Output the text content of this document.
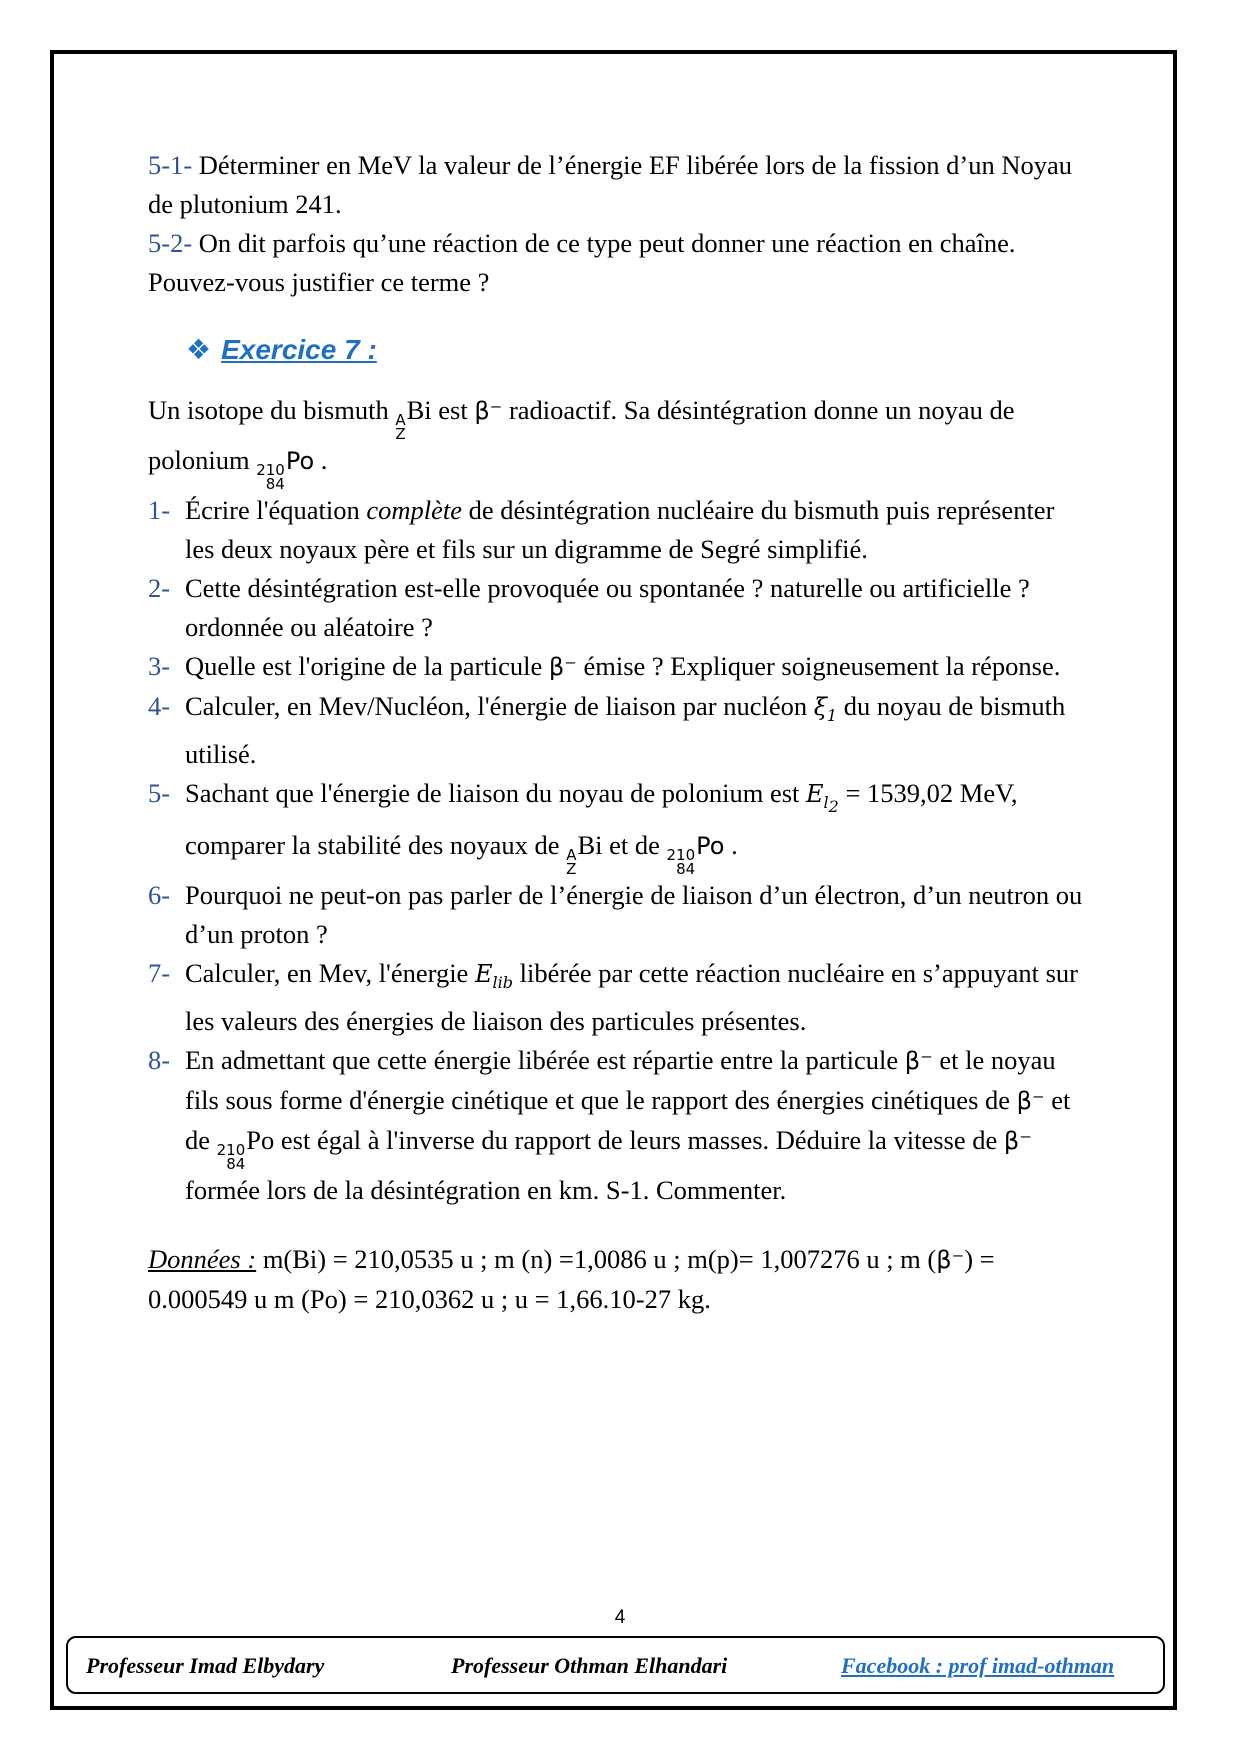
5-1- Déterminer en MeV la valeur de l’énergie EF libérée lors de la fission d’un Noyau de plutonium 241.

5-2- On dit parfois qu’une réaction de ce type peut donner une réaction en chaîne. Pouvez-vous justifier ce terme ?

❖ Exercice 7 :

Un isotope du bismuth A
Z
Bi est β⁻ radioactif. Sa désintégration donne un noyau de polonium 210
84
Po .

1- Écrire l'équation complète de désintégration nucléaire du bismuth puis représenter les deux noyaux père et fils sur un digramme de Segré simplifié.
2- Cette désintégration est-elle provoquée ou spontanée ? naturelle ou artificielle ? ordonnée ou aléatoire ?
3- Quelle est l'origine de la particule β⁻ émise ? Expliquer soigneusement la réponse.
4- Calculer, en Mev/Nucléon, l'énergie de liaison par nucléon $\xi_1$ du noyau de bismuth utilisé.
5- Sachant que l'énergie de liaison du noyau de polonium est $E_{l_2} = 1539,02$ MeV, comparer la stabilité des noyaux de A
Z
Bi et de 210
84
Po .
6- Pourquoi ne peut-on pas parler de l’énergie de liaison d’un électron, d’un neutron ou d’un proton ?
7- Calculer, en Mev, l'énergie $E_{lib}$ libérée par cette réaction nucléaire en s’appuyant sur les valeurs des énergies de liaison des particules présentes.
8- En admettant que cette énergie libérée est répartie entre la particule β⁻ et le noyau fils sous forme d'énergie cinétique et que le rapport des énergies cinétiques de β⁻ et de 210
84
Po est égal à l'inverse du rapport de leurs masses. Déduire la vitesse de β⁻ formée lors de la désintégration en km. S-1. Commenter.

Données : m(Bi) = 210,0535 u ; m (n) =1,0086 u ; m(p)= 1,007276 u ; m (β⁻) = 0.000549 u m (Po) = 210,0362 u ; u = 1,66.10-27 kg.

4
Professeur Imad Elbydary	Professeur Othman Elhandari	Facebook : prof imad-othman
